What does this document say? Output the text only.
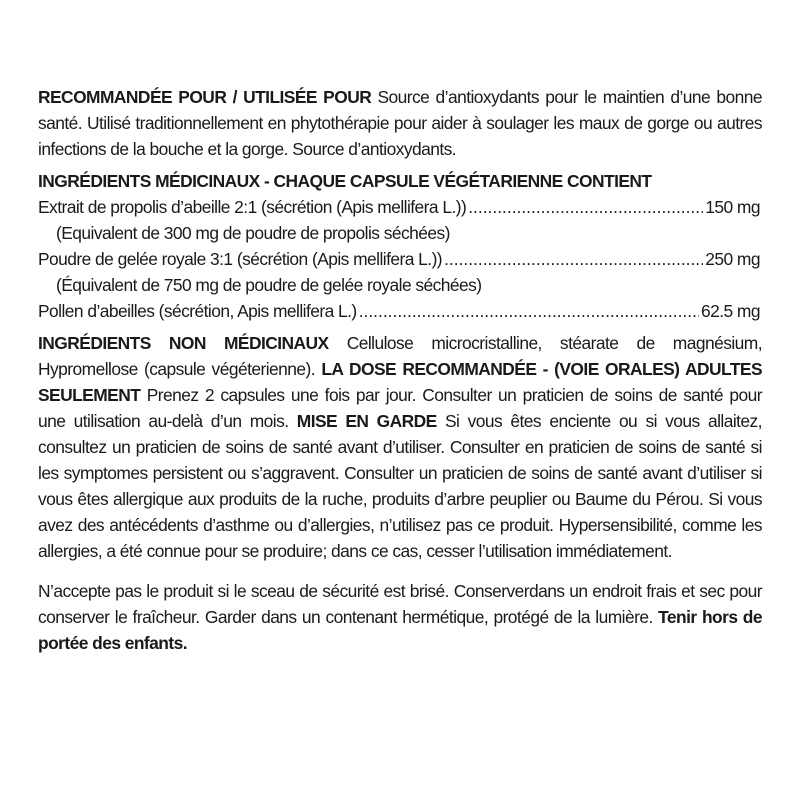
RECOMMANDÉE POUR / UTILISÉE POUR Source d’antioxydants pour le maintien d’une bonne santé. Utilisé traditionnellement en phytothérapie pour aider à soulager les maux de gorge ou autres infections de la bouche et la gorge. Source d’antioxydants.

INGRÉDIENTS MÉDICINAUX - CHAQUE CAPSULE VÉGÉTARIENNE CONTIENT
Extrait de propolis d’abeille 2:1 (sécrétion (Apis mellifera L.)) .....	150 mg
(Equivalent de 300 mg de poudre de propolis séchées)
Poudre de gelée royale 3:1 (sécrétion (Apis mellifera L.)) .....	250 mg
(Équivalent de 750 mg de poudre de gelée royale séchées)
Pollen d’abeilles (sécrétion, Apis mellifera L.) .....	62.5 mg

INGRÉDIENTS NON MÉDICINAUX Cellulose microcristalline, stéarate de magnésium, Hypromellose (capsule végéterienne). LA DOSE RECOMMANDÉE - (VOIE ORALES) ADULTES SEULEMENT Prenez 2 capsules une fois par jour. Consulter un praticien de soins de santé pour une utilisation au-delà d’un mois. MISE EN GARDE Si vous êtes enciente ou si vous allaitez, consultez un praticien de soins de santé avant d’utiliser. Consulter en praticien de soins de santé si les symptomes persistent ou s’aggravent. Consulter un praticien de soins de santé avant d’utiliser si vous êtes allergique aux produits de la ruche, produits d’arbre peuplier ou Baume du Pérou. Si vous avez des antécédents d’asthme ou d’allergies, n’utilisez pas ce produit. Hypersensibilité, comme les allergies, a été connue pour se produire; dans ce cas, cesser l’utilisation immédiatement.

N’accepte pas le produit si le sceau de sécurité est brisé. Conserverdans un endroit frais et sec pour conserver le fraîcheur. Garder dans un contenant hermétique, protégé de la lumière. Tenir hors de portée des enfants.
